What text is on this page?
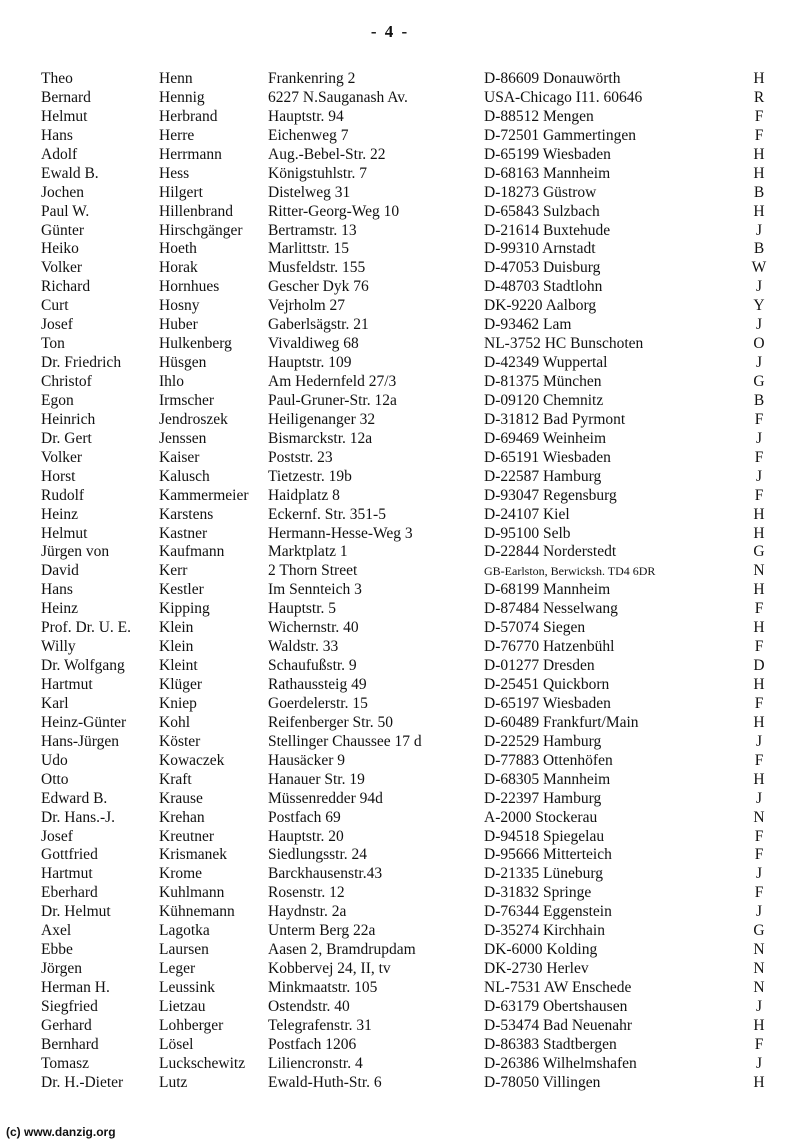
- 4 -
Theo	Henn	Frankenring 2	D-86609 Donauwörth	H
Bernard	Hennig	6227 N.Sauganash Av.	USA-Chicago I11. 60646	R
Helmut	Herbrand	Hauptstr. 94	D-88512 Mengen	F
Hans	Herre	Eichenweg 7	D-72501 Gammertingen	F
Adolf	Herrmann	Aug.-Bebel-Str. 22	D-65199 Wiesbaden	H
Ewald B.	Hess	Königstuhlstr. 7	D-68163 Mannheim	H
Jochen	Hilgert	Distelweg 31	D-18273 Güstrow	B
Paul W.	Hillenbrand	Ritter-Georg-Weg 10	D-65843 Sulzbach	H
Günter	Hirschgänger	Bertramstr. 13	D-21614 Buxtehude	J
Heiko	Hoeth	Marlittstr. 15	D-99310 Arnstadt	B
Volker	Horak	Musfeldstr. 155	D-47053 Duisburg	W
Richard	Hornhues	Gescher Dyk 76	D-48703 Stadtlohn	J
Curt	Hosny	Vejrholm 27	DK-9220 Aalborg	Y
Josef	Huber	Gaberlsägstr. 21	D-93462 Lam	J
Ton	Hulkenberg	Vivaldiweg 68	NL-3752 HC Bunschoten	O
Dr. Friedrich	Hüsgen	Hauptstr. 109	D-42349 Wuppertal	J
Christof	Ihlo	Am Hedernfeld 27/3	D-81375 München	G
Egon	Irmscher	Paul-Gruner-Str. 12a	D-09120 Chemnitz	B
Heinrich	Jendroszek	Heiligenanger 32	D-31812 Bad Pyrmont	F
Dr. Gert	Jenssen	Bismarckstr. 12a	D-69469 Weinheim	J
Volker	Kaiser	Poststr. 23	D-65191 Wiesbaden	F
Horst	Kalusch	Tietzestr. 19b	D-22587 Hamburg	J
Rudolf	Kammermeier	Haidplatz 8	D-93047 Regensburg	F
Heinz	Karstens	Eckernf. Str. 351-5	D-24107 Kiel	H
Helmut	Kastner	Hermann-Hesse-Weg 3	D-95100 Selb	H
Jürgen von	Kaufmann	Marktplatz 1	D-22844 Norderstedt	G
David	Kerr	2 Thorn Street	GB-Earlston, Berwicksh. TD4 6DR	N
Hans	Kestler	Im Sennteich 3	D-68199 Mannheim	H
Heinz	Kipping	Hauptstr. 5	D-87484 Nesselwang	F
Prof. Dr. U. E.	Klein	Wichernstr. 40	D-57074 Siegen	H
Willy	Klein	Waldstr. 33	D-76770 Hatzenbühl	F
Dr. Wolfgang	Kleint	Schaufußstr. 9	D-01277 Dresden	D
Hartmut	Klüger	Rathaussteig 49	D-25451 Quickborn	H
Karl	Kniep	Goerdelerstr. 15	D-65197 Wiesbaden	F
Heinz-Günter	Kohl	Reifenberger Str. 50	D-60489 Frankfurt/Main	H
Hans-Jürgen	Köster	Stellinger Chaussee 17 d	D-22529 Hamburg	J
Udo	Kowaczek	Hausäcker 9	D-77883 Ottenhöfen	F
Otto	Kraft	Hanauer Str. 19	D-68305 Mannheim	H
Edward B.	Krause	Müssenredder 94d	D-22397 Hamburg	J
Dr. Hans.-J.	Krehan	Postfach 69	A-2000 Stockerau	N
Josef	Kreutner	Hauptstr. 20	D-94518 Spiegelau	F
Gottfried	Krismanek	Siedlungsstr. 24	D-95666 Mitterteich	F
Hartmut	Krome	Barckhausenstr.43	D-21335 Lüneburg	J
Eberhard	Kuhlmann	Rosenstr. 12	D-31832 Springe	F
Dr. Helmut	Kühnemann	Haydnstr. 2a	D-76344 Eggenstein	J
Axel	Lagotka	Unterm Berg 22a	D-35274 Kirchhain	G
Ebbe	Laursen	Aasen 2, Bramdrupdam	DK-6000 Kolding	N
Jörgen	Leger	Kobbervej 24, II, tv	DK-2730 Herlev	N
Herman H.	Leussink	Minkmaatstr. 105	NL-7531 AW Enschede	N
Siegfried	Lietzau	Ostendstr. 40	D-63179 Obertshausen	J
Gerhard	Lohberger	Telegrafenstr. 31	D-53474 Bad Neuenahr	H
Bernhard	Lösel	Postfach 1206	D-86383 Stadtbergen	F
Tomasz	Luckschewitz	Liliencronstr. 4	D-26386 Wilhelmshafen	J
Dr. H.-Dieter	Lutz	Ewald-Huth-Str. 6	D-78050 Villingen	H
(c) www.danzig.org
